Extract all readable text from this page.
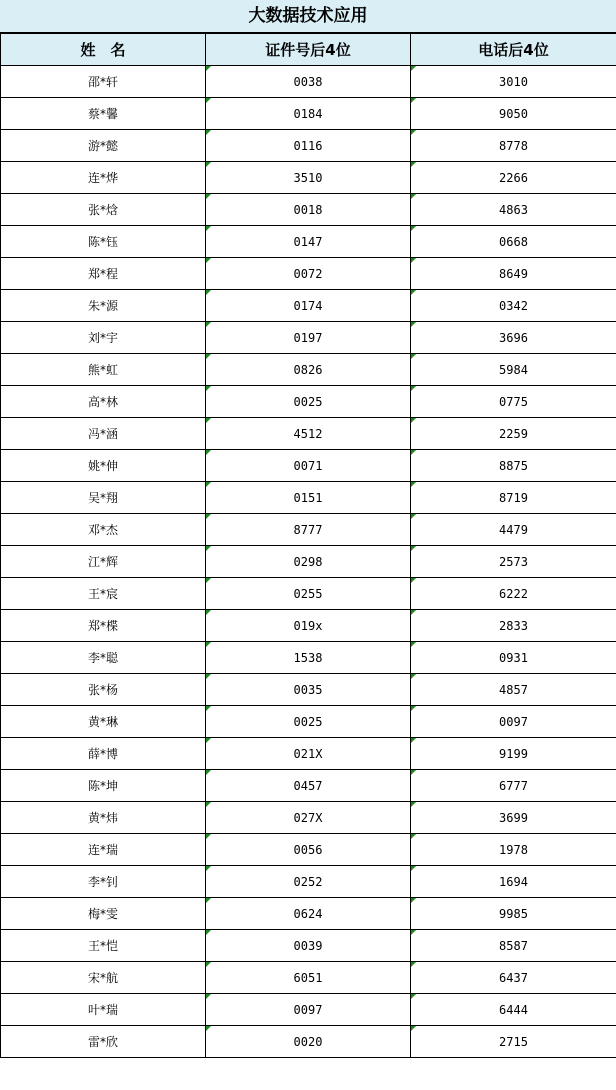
大数据技术应用
姓　名	证件号后4位	电话后4位
邵*轩	0038	3010
蔡*馨	0184	9050
游*懿	0116	8778
连*烨	3510	2266
张*焓	0018	4863
陈*钰	0147	0668
郑*程	0072	8649
朱*源	0174	0342
刘*宇	0197	3696
熊*虹	0826	5984
高*林	0025	0775
冯*涵	4512	2259
姚*伸	0071	8875
吴*翔	0151	8719
邓*杰	8777	4479
江*辉	0298	2573
王*宸	0255	6222
郑*楪	019x	2833
李*聪	1538	0931
张*杨	0035	4857
黄*琳	0025	0097
薛*博	021X	9199
陈*坤	0457	6777
黄*炜	027X	3699
连*瑞	0056	1978
李*钊	0252	1694
梅*雯	0624	9985
王*恺	0039	8587
宋*航	6051	6437
叶*瑞	0097	6444
雷*欣	0020	2715
